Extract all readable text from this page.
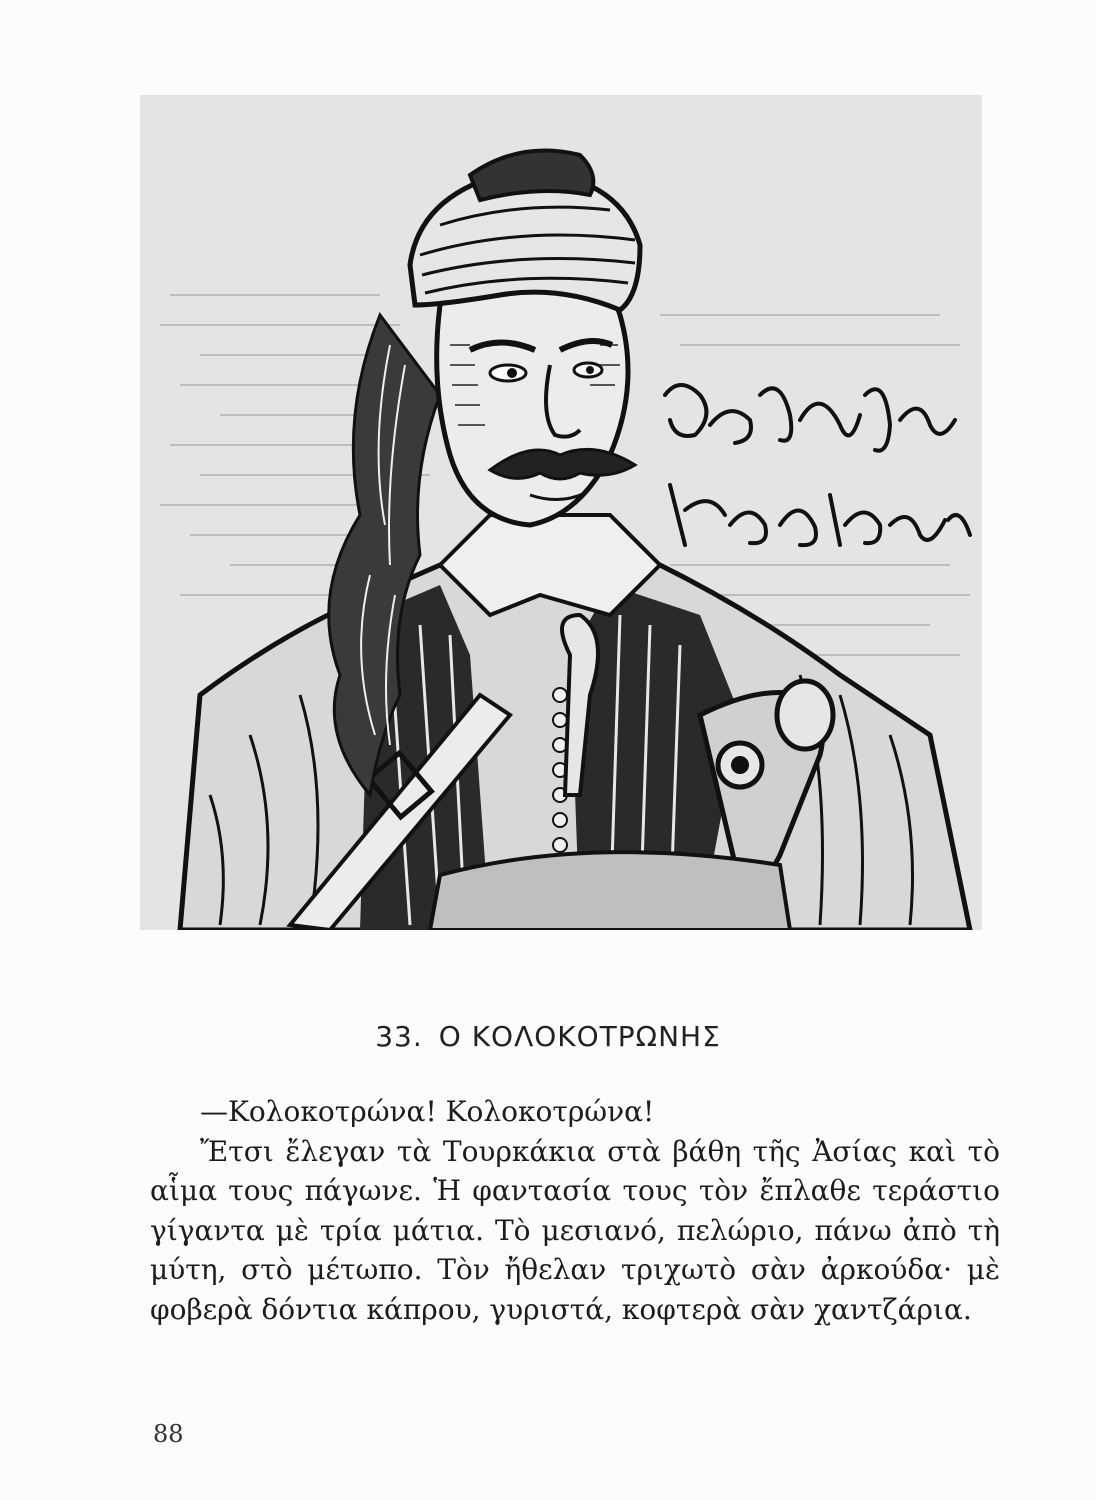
33. Ο ΚΟΛΟΚΟΤΡΩΝΗΣ

—Κολοκοτρώνα! Κολοκοτρώνα!

Ἔτσι ἔλεγαν τὰ Τουρκάκια στὰ βάθη τῆς Ἀσίας καὶ τὸ αἷμα τους πάγωνε. Ἡ φαντασία τους τὸν ἔπλαθε τεράστιο γίγαντα μὲ τρία μάτια. Τὸ μεσιανό, πελώριο, πάνω ἀπὸ τὴ μύτη, στὸ μέτωπο. Τὸν ἤθελαν τριχωτὸ σὰν ἀρκούδα· μὲ φοβερὰ δόντια κάπρου, γυριστά, κοφτερὰ σὰν χαντζάρια.

88
